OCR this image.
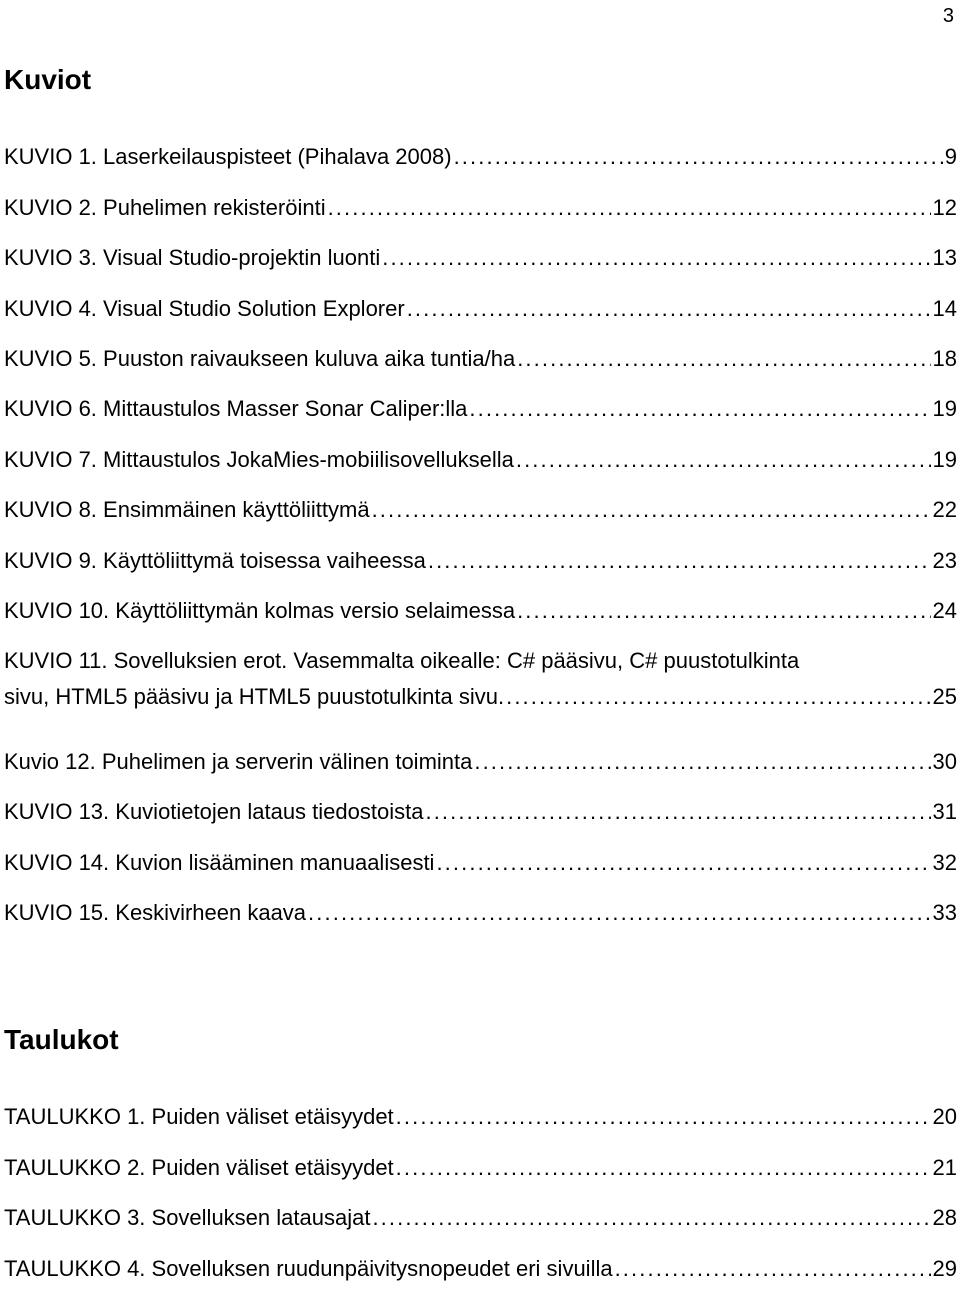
3
Kuviot
KUVIO 1. Laserkeilauspisteet (Pihalava 2008) . . .	9
KUVIO 2. Puhelimen rekisteröinti . . .	12
KUVIO 3. Visual Studio-projektin luonti . . .	13
KUVIO 4. Visual Studio Solution Explorer . . .	14
KUVIO 5. Puuston raivaukseen kuluva aika tuntia/ha . . .	18
KUVIO 6. Mittaustulos Masser Sonar Caliper:lla . . .	19
KUVIO 7. Mittaustulos JokaMies-mobiilisovelluksella . . .	19
KUVIO 8. Ensimmäinen käyttöliittymä . . .	22
KUVIO 9. Käyttöliittymä toisessa vaiheessa . . .	23
KUVIO 10. Käyttöliittymän kolmas versio selaimessa . . .	24
KUVIO 11. Sovelluksien erot. Vasemmalta oikealle: C# pääsivu, C# puustotulkinta
sivu, HTML5 pääsivu ja HTML5 puustotulkinta sivu. . . .	25
Kuvio 12. Puhelimen ja serverin välinen toiminta . . .	30
KUVIO 13. Kuviotietojen lataus tiedostoista . . .	31
KUVIO 14. Kuvion lisääminen manuaalisesti . . .	32
KUVIO 15. Keskivirheen kaava . . .	33
Taulukot
TAULUKKO 1. Puiden väliset etäisyydet . . .	20
TAULUKKO 2. Puiden väliset etäisyydet . . .	21
TAULUKKO 3. Sovelluksen latausajat . . .	28
TAULUKKO 4. Sovelluksen ruudunpäivitysnopeudet eri sivuilla . . .	29
